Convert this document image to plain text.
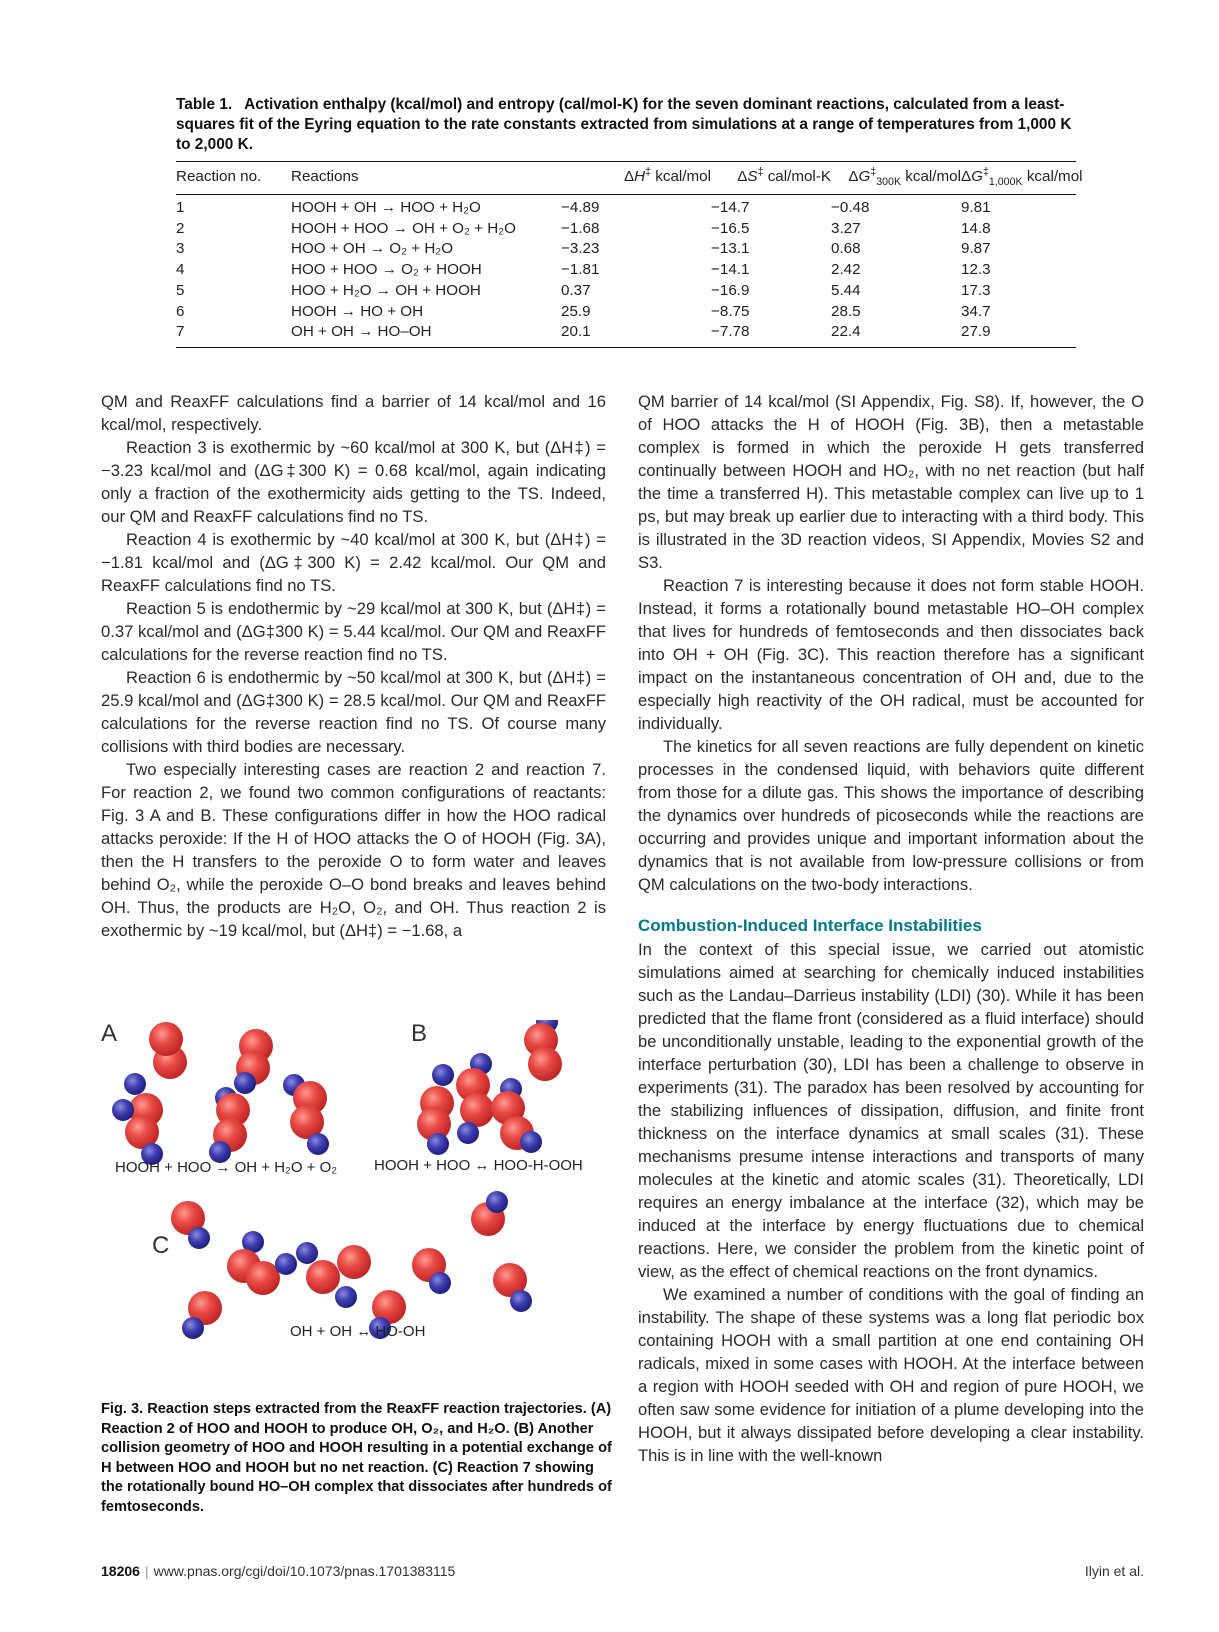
Table 1. Activation enthalpy (kcal/mol) and entropy (cal/mol-K) for the seven dominant reactions, calculated from a least-squares fit of the Eyring equation to the rate constants extracted from simulations at a range of temperatures from 1,000 K to 2,000 K.
Reaction no.	Reactions	ΔH‡ kcal/mol	ΔS‡ cal/mol-K	$\Delta G^\ddagger_{300K}$ kcal/mol	$\Delta G^\ddagger_{1,000K}$ kcal/mol

1	HOOH + OH → HOO + H₂O	−4.89	−14.7	−0.48	9.81
2	HOOH + HOO → OH + O₂ + H₂O	−1.68	−16.5	3.27	14.8
3	HOO + OH → O₂ + H₂O	−3.23	−13.1	0.68	9.87
4	HOO + HOO → O₂ + HOOH	−1.81	−14.1	2.42	12.3
5	HOO + H₂O → OH + HOOH	0.37	−16.9	5.44	17.3
6	HOOH → HO + OH	25.9	−8.75	28.5	34.7
7	OH + OH → HO–OH	20.1	−7.78	22.4	27.9

QM and ReaxFF calculations find a barrier of 14 kcal/mol and 16 kcal/mol, respectively.

Reaction 3 is exothermic by ~60 kcal/mol at 300 K, but (ΔH‡) = −3.23 kcal/mol and (ΔG‡300 K) = 0.68 kcal/mol, again indicating only a fraction of the exothermicity aids getting to the TS. Indeed, our QM and ReaxFF calculations find no TS.

Reaction 4 is exothermic by ~40 kcal/mol at 300 K, but (ΔH‡) = −1.81 kcal/mol and (ΔG‡300 K) = 2.42 kcal/mol. Our QM and ReaxFF calculations find no TS.

Reaction 5 is endothermic by ~29 kcal/mol at 300 K, but (ΔH‡) = 0.37 kcal/mol and (ΔG‡300 K) = 5.44 kcal/mol. Our QM and ReaxFF calculations for the reverse reaction find no TS.

Reaction 6 is endothermic by ~50 kcal/mol at 300 K, but (ΔH‡) = 25.9 kcal/mol and (ΔG‡300 K) = 28.5 kcal/mol. Our QM and ReaxFF calculations for the reverse reaction find no TS. Of course many collisions with third bodies are necessary.

Two especially interesting cases are reaction 2 and reaction 7. For reaction 2, we found two common configurations of reactants: Fig. 3 A and B. These configurations differ in how the HOO radical attacks peroxide: If the H of HOO attacks the O of HOOH (Fig. 3A), then the H transfers to the peroxide O to form water and leaves behind O₂, while the peroxide O–O bond breaks and leaves behind OH. Thus, the products are H₂O, O₂, and OH. Thus reaction 2 is exothermic by ~19 kcal/mol, but (ΔH‡) = −1.68, a

A	B
C
HOOH + HOO → OH + H₂O + O₂ HOOH + HOO ↔ HOO-H-OOH
OH + OH ↔ HO-OH
Fig. 3. Reaction steps extracted from the ReaxFF reaction trajectories. (A) Reaction 2 of HOO and HOOH to produce OH, O₂, and H₂O. (B) Another collision geometry of HOO and HOOH resulting in a potential exchange of H between HOO and HOOH but no net reaction. (C) Reaction 7 showing the rotationally bound HO–OH complex that dissociates after hundreds of femtoseconds.

QM barrier of 14 kcal/mol (SI Appendix, Fig. S8). If, however, the O of HOO attacks the H of HOOH (Fig. 3B), then a metastable complex is formed in which the peroxide H gets transferred continually between HOOH and HO₂, with no net reaction (but half the time a transferred H). This metastable complex can live up to 1 ps, but may break up earlier due to interacting with a third body. This is illustrated in the 3D reaction videos, SI Appendix, Movies S2 and S3.

Reaction 7 is interesting because it does not form stable HOOH. Instead, it forms a rotationally bound metastable HO–OH complex that lives for hundreds of femtoseconds and then dissociates back into OH + OH (Fig. 3C). This reaction therefore has a significant impact on the instantaneous concentration of OH and, due to the especially high reactivity of the OH radical, must be accounted for individually.

The kinetics for all seven reactions are fully dependent on kinetic processes in the condensed liquid, with behaviors quite different from those for a dilute gas. This shows the importance of describing the dynamics over hundreds of picoseconds while the reactions are occurring and provides unique and important information about the dynamics that is not available from low-pressure collisions or from QM calculations on the two-body interactions.

Combustion-Induced Interface Instabilities

In the context of this special issue, we carried out atomistic simulations aimed at searching for chemically induced instabilities such as the Landau–Darrieus instability (LDI) (30). While it has been predicted that the flame front (considered as a fluid interface) should be unconditionally unstable, leading to the exponential growth of the interface perturbation (30), LDI has been a challenge to observe in experiments (31). The paradox has been resolved by accounting for the stabilizing influences of dissipation, diffusion, and finite front thickness on the interface dynamics at small scales (31). These mechanisms presume intense interactions and transports of many molecules at the kinetic and atomic scales (31). Theoretically, LDI requires an energy imbalance at the interface (32), which may be induced at the interface by energy fluctuations due to chemical reactions. Here, we consider the problem from the kinetic point of view, as the effect of chemical reactions on the front dynamics.

We examined a number of conditions with the goal of finding an instability. The shape of these systems was a long flat periodic box containing HOOH with a small partition at one end containing OH radicals, mixed in some cases with HOOH. At the interface between a region with HOOH seeded with OH and region of pure HOOH, we often saw some evidence for initiation of a plume developing into the HOOH, but it always dissipated before developing a clear instability. This is in line with the well-known

18206 | www.pnas.org/cgi/doi/10.1073/pnas.1701383115	Ilyin et al.
